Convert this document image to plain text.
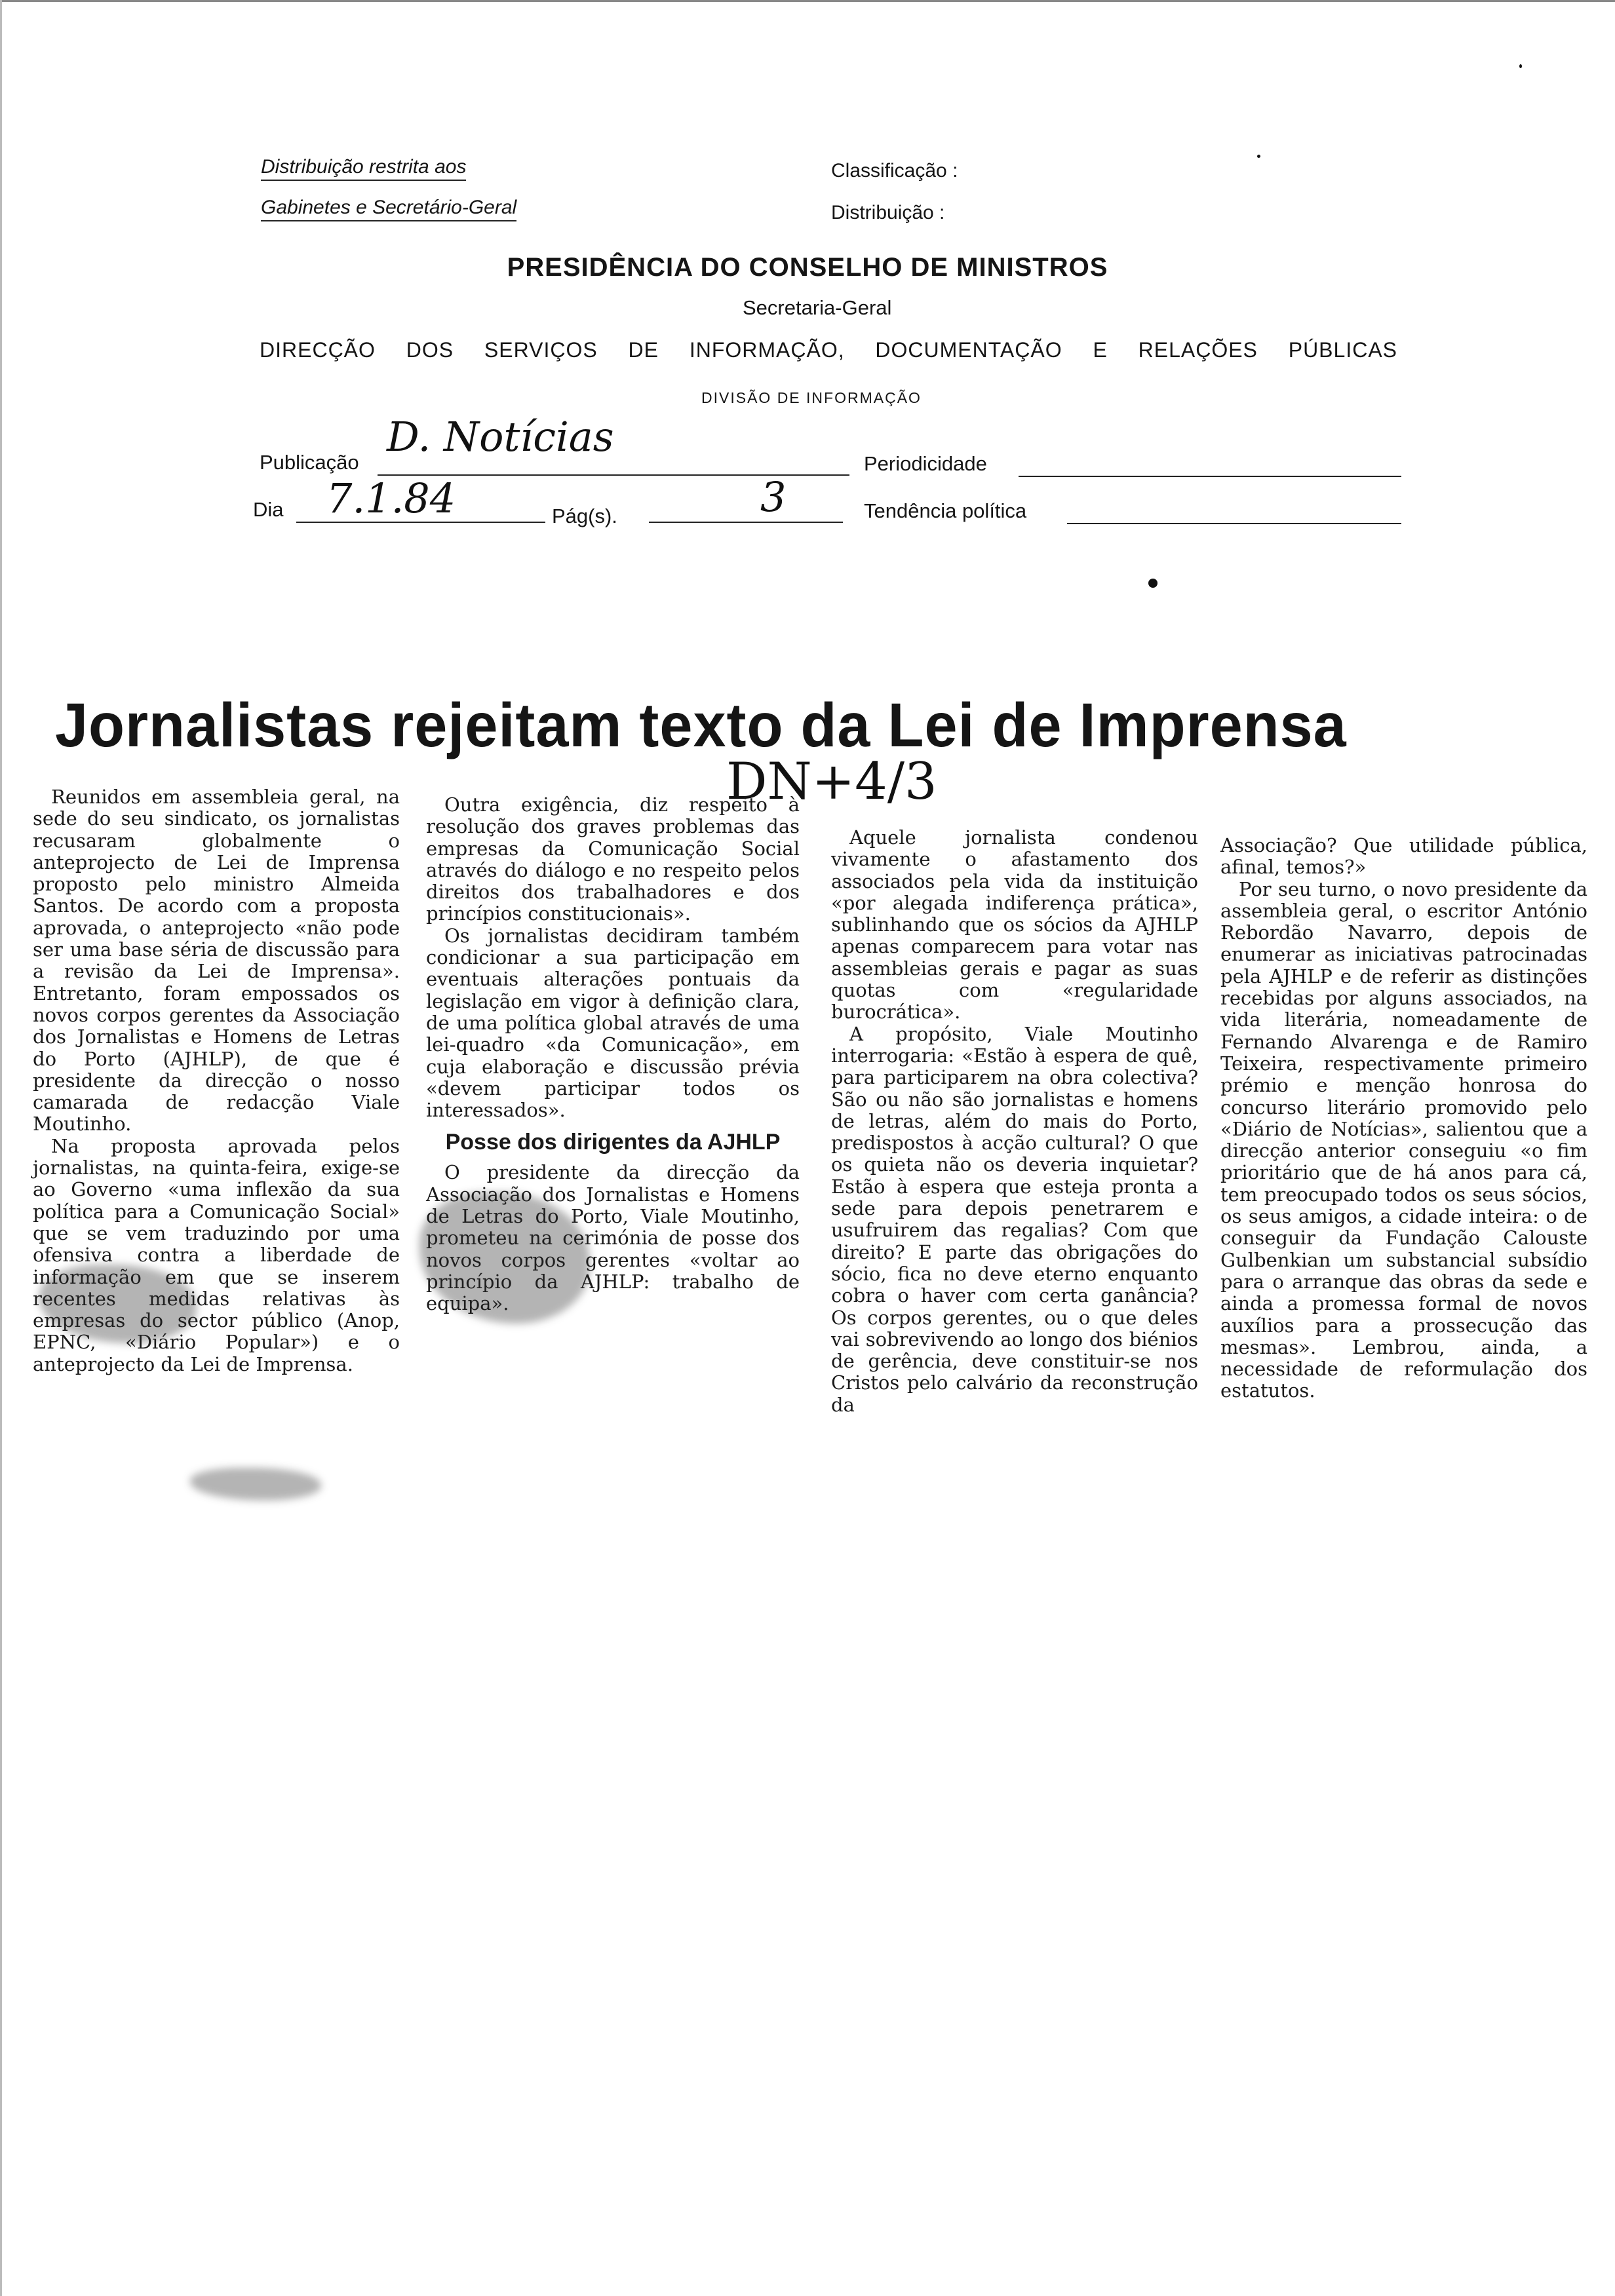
Distribuição restrita aos
Gabinetes e Secretário-Geral
Classificação :
Distribuição :
PRESIDÊNCIA DO CONSELHO DE MINISTROS
Secretaria-Geral
DIRECÇÃO DOS SERVIÇOS DE INFORMAÇÃO, DOCUMENTAÇÃO E RELAÇÕES PÚBLICAS
DIVISÃO DE INFORMAÇÃO
Publicação
D. Notícias
Periodicidade
Dia 7.1.84	Pág(s).	3	Tendência política
Jornalistas rejeitam texto da Lei de Imprensa
DN+4/3

Reunidos em assembleia geral, na sede do seu sindicato, os jornalistas recusaram globalmente o anteprojecto de Lei de Imprensa proposto pelo ministro Almeida Santos. De acordo com a proposta aprovada, o anteprojecto «não pode ser uma base séria de discussão para a revisão da Lei de Imprensa». Entretanto, foram empossados os novos corpos gerentes da Associação dos Jornalistas e Homens de Letras do Porto (AJHLP), de que é presidente da direcção o nosso camarada de redacção Viale Moutinho.

Na proposta aprovada pelos jornalistas, na quinta-feira, exige-se ao Governo «uma inflexão da sua política para a Comunicação Social» que se vem traduzindo por uma ofensiva contra a liberdade de informação em que se inserem recentes medidas relativas às empresas do sector público (Anop, EPNC, «Diário Popular») e o anteprojecto da Lei de Imprensa.

Outra exigência, diz respeito à resolução dos graves problemas das empresas da Comunicação Social através do diálogo e no respeito pelos direitos dos trabalhadores e dos princípios constitucionais».

Os jornalistas decidiram também condicionar a sua participação em eventuais alterações pontuais da legislação em vigor à definição clara, de uma política global através de uma lei-quadro «da Comunicação», em cuja elaboração e discussão prévia «devem participar todos os interessados».

Posse dos dirigentes da AJHLP

O presidente da direcção da Associação dos Jornalistas e Homens de Letras do Porto, Viale Moutinho, prometeu na cerimónia de posse dos novos corpos gerentes «voltar ao princípio da AJHLP: trabalho de equipa».

Aquele jornalista condenou vivamente o afastamento dos associados pela vida da instituição «por alegada indiferença prática», sublinhando que os sócios da AJHLP apenas comparecem para votar nas assembleias gerais e pagar as suas quotas com «regularidade burocrática».

A propósito, Viale Moutinho interrogaria: «Estão à espera de quê, para participarem na obra colectiva? São ou não são jornalistas e homens de letras, além do mais do Porto, predispostos à acção cultural? O que os quieta não os deveria inquietar? Estão à espera que esteja pronta a sede para depois penetrarem e usufruirem das regalias? Com que direito? E parte das obrigações do sócio, fica no deve eterno enquanto cobra o haver com certa ganância? Os corpos gerentes, ou o que deles vai sobrevivendo ao longo dos biénios de gerência, deve constituir-se nos Cristos pelo calvário da reconstrução da

Associação? Que utilidade pública, afinal, temos?»

Por seu turno, o novo presidente da assembleia geral, o escritor António Rebordão Navarro, depois de enumerar as iniciativas patrocinadas pela AJHLP e de referir as distinções recebidas por alguns associados, na vida literária, nomeadamente de Fernando Alvarenga e de Ramiro Teixeira, respectivamente primeiro prémio e menção honrosa do concurso literário promovido pelo «Diário de Notícias», salientou que a direcção anterior conseguiu «o fim prioritário que de há anos para cá, tem preocupado todos os seus sócios, os seus amigos, a cidade inteira: o de conseguir da Fundação Calouste Gulbenkian um substancial subsídio para o arranque das obras da sede e ainda a promessa formal de novos auxílios para a prossecução das mesmas». Lembrou, ainda, a necessidade de reformulação dos estatutos.
